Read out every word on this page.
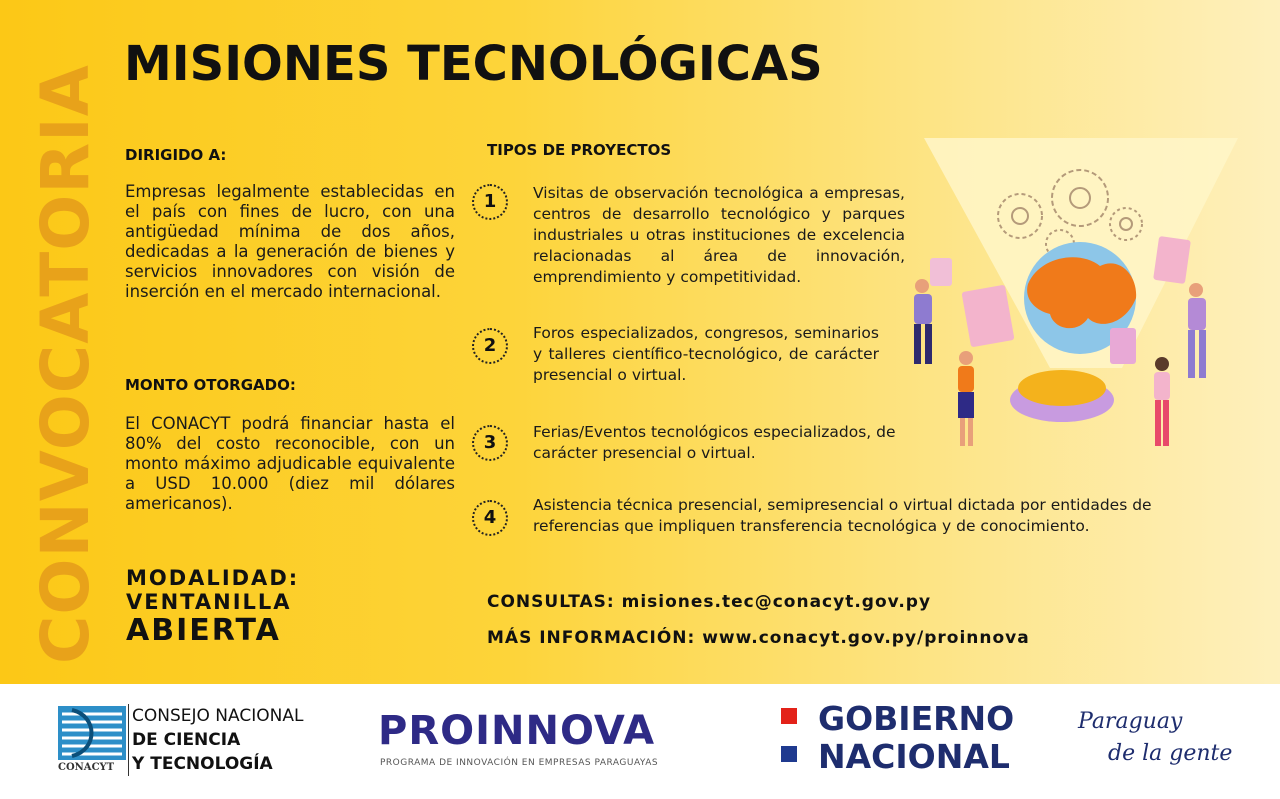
CONVOCATORIA
MISIONES TECNOLÓGICAS
DIRIGIDO A:
Empresas legalmente establecidas en el país con fines de lucro, con una antigüedad mínima de dos años, dedicadas a la generación de bienes y servicios innovadores con visión de inserción en el mercado internacional.
MONTO OTORGADO:
El CONACYT podrá financiar hasta el 80% del costo reconocible, con un monto máximo adjudicable equivalente a USD 10.000 (diez mil dólares americanos).
MODALIDAD:
VENTANILLA
ABIERTA
TIPOS DE PROYECTOS
1	Visitas de observación tecnológica a empresas, centros de desarrollo tecnológico y parques industriales u otras instituciones de excelencia relacionadas al área de innovación, emprendimiento y competitividad.
2
Foros especializados, congresos, seminarios y talleres científico-tecnológico, de carácter presencial o virtual.
3	Ferias/Eventos tecnológicos especializados, de carácter presencial o virtual.
4
Asistencia técnica presencial, semipresencial o virtual dictada por entidades de referencias que impliquen transferencia tecnológica y de conocimiento.
CONSULTAS: misiones.tec@conacyt.gov.py
MÁS INFORMACIÓN: www.conacyt.gov.py/proinnova
CONACYT
CONSEJO NACIONAL
DE CIENCIA
Y TECNOLOGÍA
PROINNOVA
PROGRAMA DE INNOVACIÓN EN EMPRESAS PARAGUAYAS
GOBIERNO
NACIONAL
Paraguay
de la gente
